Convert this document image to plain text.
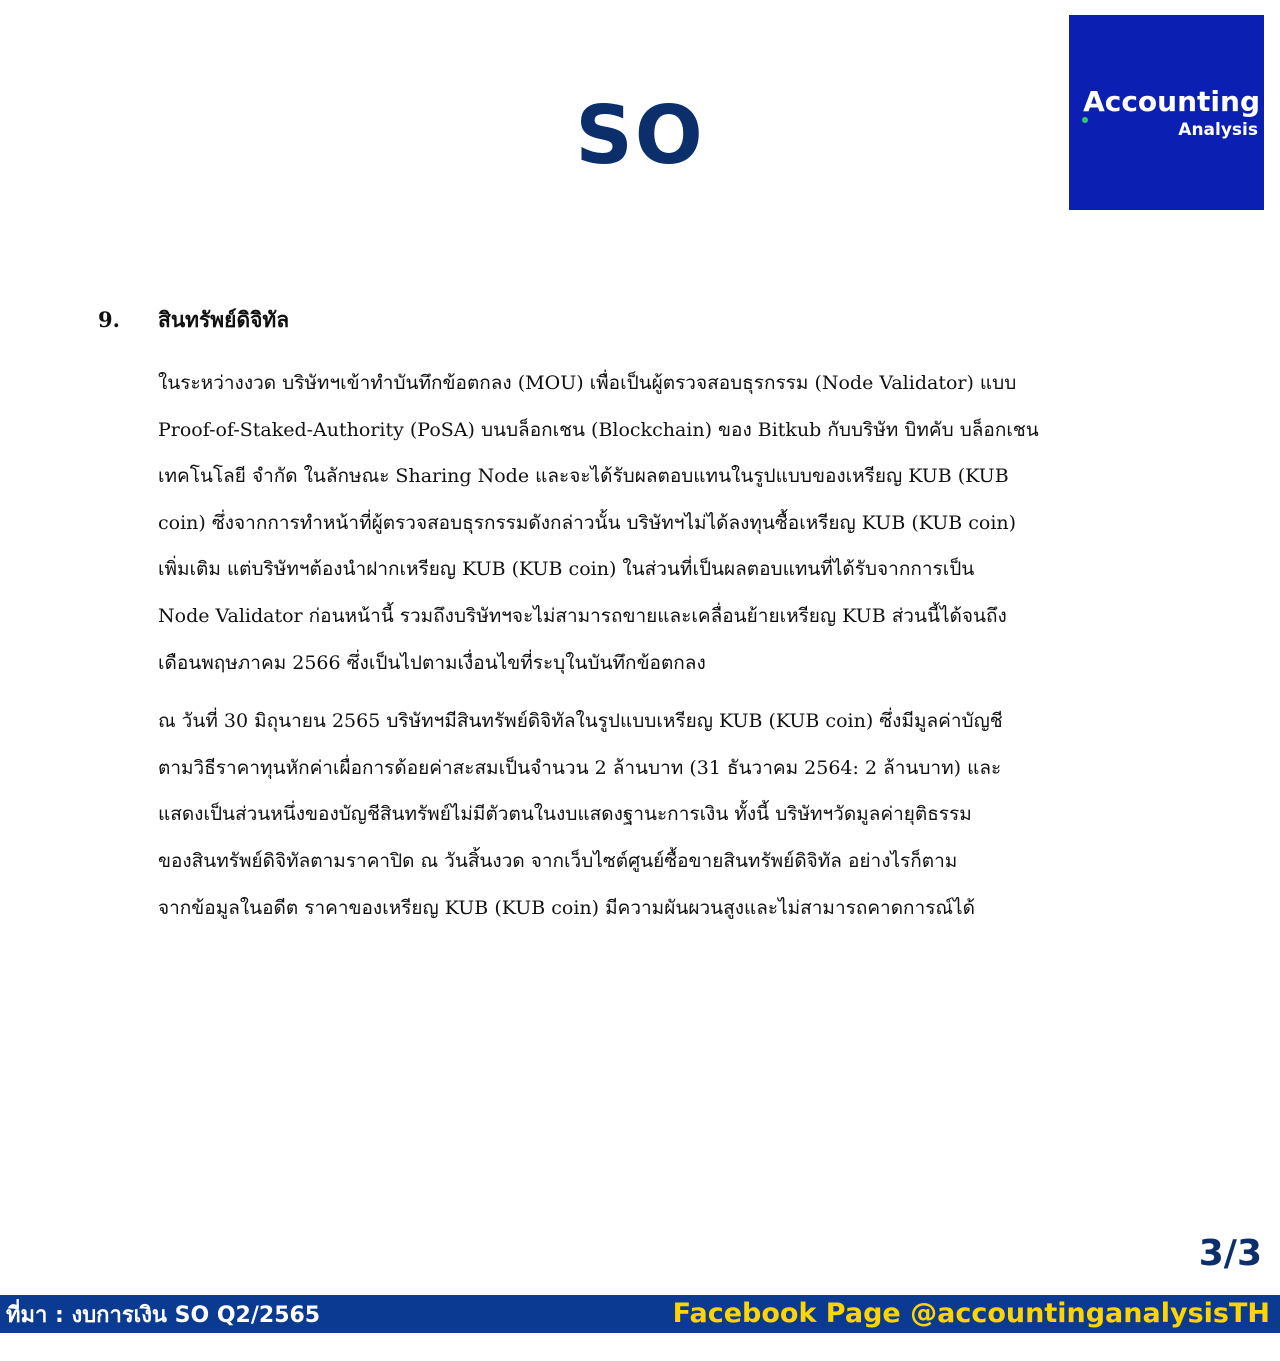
SO	Accounting
Analysis
9. สินทรัพย์ดิจิทัล

ในระหว่างงวด บริษัทฯเข้าทำบันทึกข้อตกลง (MOU) เพื่อเป็นผู้ตรวจสอบธุรกรรม (Node Validator) แบบ
Proof-of-Staked-Authority (PoSA) บนบล็อกเชน (Blockchain) ของ Bitkub กับบริษัท บิทคับ บล็อกเชน
เทคโนโลยี จำกัด ในลักษณะ Sharing Node และจะได้รับผลตอบแทนในรูปแบบของเหรียญ KUB (KUB
coin) ซึ่งจากการทำหน้าที่ผู้ตรวจสอบธุรกรรมดังกล่าวนั้น บริษัทฯไม่ได้ลงทุนซื้อเหรียญ KUB (KUB coin)
เพิ่มเติม แต่บริษัทฯต้องนำฝากเหรียญ KUB (KUB coin) ในส่วนที่เป็นผลตอบแทนที่ได้รับจากการเป็น
Node Validator ก่อนหน้านี้ รวมถึงบริษัทฯจะไม่สามารถขายและเคลื่อนย้ายเหรียญ KUB ส่วนนี้ได้จนถึง
เดือนพฤษภาคม 2566 ซึ่งเป็นไปตามเงื่อนไขที่ระบุในบันทึกข้อตกลง

ณ วันที่ 30 มิถุนายน 2565 บริษัทฯมีสินทรัพย์ดิจิทัลในรูปแบบเหรียญ KUB (KUB coin) ซึ่งมีมูลค่าบัญชี
ตามวิธีราคาทุนหักค่าเผื่อการด้อยค่าสะสมเป็นจำนวน 2 ล้านบาท (31 ธันวาคม 2564: 2 ล้านบาท) และ
แสดงเป็นส่วนหนึ่งของบัญชีสินทรัพย์ไม่มีตัวตนในงบแสดงฐานะการเงิน ทั้งนี้ บริษัทฯวัดมูลค่ายุติธรรม
ของสินทรัพย์ดิจิทัลตามราคาปิด ณ วันสิ้นงวด จากเว็บไซต์ศูนย์ซื้อขายสินทรัพย์ดิจิทัล อย่างไรก็ตาม
จากข้อมูลในอดีต ราคาของเหรียญ KUB (KUB coin) มีความผันผวนสูงและไม่สามารถคาดการณ์ได้

3/3
ที่มา : งบการเงิน SO Q2/2565	Facebook Page @accountinganalysisTH
